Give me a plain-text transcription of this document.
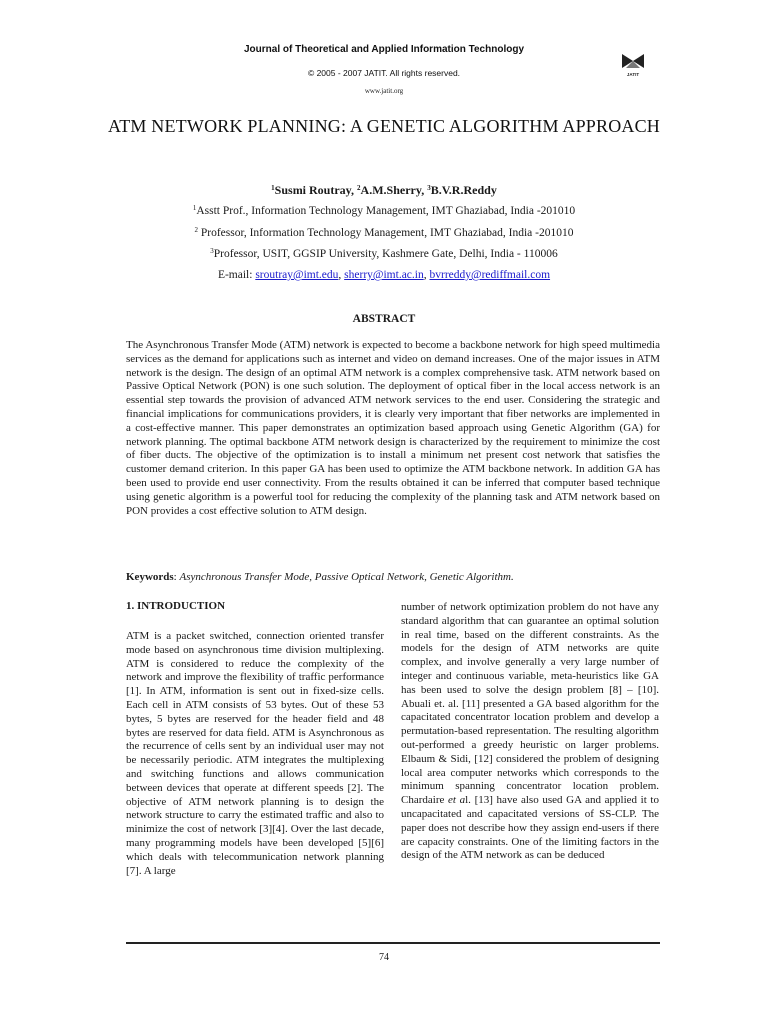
Journal of Theoretical and Applied Information Technology
© 2005 - 2007 JATIT. All rights reserved.
www.jatit.org
JATIT
ATM NETWORK PLANNING: A GENETIC ALGORITHM APPROACH
$^1$Susmi Routray, $^2$A.M.Sherry, $^3$B.V.R.Reddy
$^1$Asstt Prof., Information Technology Management, IMT Ghaziabad, India -201010
$^2$ Professor, Information Technology Management, IMT Ghaziabad, India -201010
$^3$Professor, USIT, GGSIP University, Kashmere Gate, Delhi, India - 110006
E-mail: sroutray@imt.edu, sherry@imt.ac.in, bvrreddy@rediffmail.com
ABSTRACT
The Asynchronous Transfer Mode (ATM) network is expected to become a backbone network for high speed multimedia services as the demand for applications such as internet and video on demand increases. One of the major issues in ATM network is the design. The design of an optimal ATM network is a complex comprehensive task. ATM network based on Passive Optical Network (PON) is one such solution. The deployment of optical fiber in the local access network is an essential step towards the provision of advanced ATM network services to the end user. Considering the strategic and financial implications for communications providers, it is clearly very important that fiber networks are implemented in a cost-effective manner. This paper demonstrates an optimization based approach using Genetic Algorithm (GA) for network planning. The optimal backbone ATM network design is characterized by the requirement to minimize the cost of fiber ducts. The objective of the optimization is to install a minimum net present cost network that satisfies the customer demand criterion. In this paper GA has been used to optimize the ATM backbone network. In addition GA has been used to provide end user connectivity. From the results obtained it can be inferred that computer based technique using genetic algorithm is a powerful tool for reducing the complexity of the planning task and ATM network based on PON provides a cost effective solution to ATM design.
Keywords: Asynchronous Transfer Mode, Passive Optical Network, Genetic Algorithm.
1. INTRODUCTION
ATM is a packet switched, connection oriented transfer mode based on asynchronous time division multiplexing. ATM is considered to reduce the complexity of the network and improve the flexibility of traffic performance [1]. In ATM, information is sent out in fixed-size cells. Each cell in ATM consists of 53 bytes. Out of these 53 bytes, 5 bytes are reserved for the header field and 48 bytes are reserved for data field. ATM is Asynchronous as the recurrence of cells sent by an individual user may not be necessarily periodic. ATM integrates the multiplexing and switching functions and allows communication between devices that operate at different speeds [2]. The objective of ATM network planning is to design the network structure to carry the estimated traffic and also to minimize the cost of network [3][4]. Over the last decade, many programming models have been developed [5][6] which deals with telecommunication network planning [7]. A large
number of network optimization problem do not have any standard algorithm that can guarantee an optimal solution in real time, based on the different constraints. As the models for the design of ATM networks are quite complex, and involve generally a very large number of integer and continuous variable, meta-heuristics like GA has been used to solve the design problem [8] – [10]. Abuali et. al. [11] presented a GA based algorithm for the capacitated concentrator location problem and develop a permutation-based representation. The resulting algorithm out-performed a greedy heuristic on larger problems. Elbaum & Sidi, [12] considered the problem of designing local area computer networks which corresponds to the minimum spanning concentrator location problem. Chardaire et al. [13] have also used GA and applied it to uncapacitated and capacitated versions of SS-CLP. The paper does not describe how they assign end-users if there are capacity constraints. One of the limiting factors in the design of the ATM network as can be deduced
74
